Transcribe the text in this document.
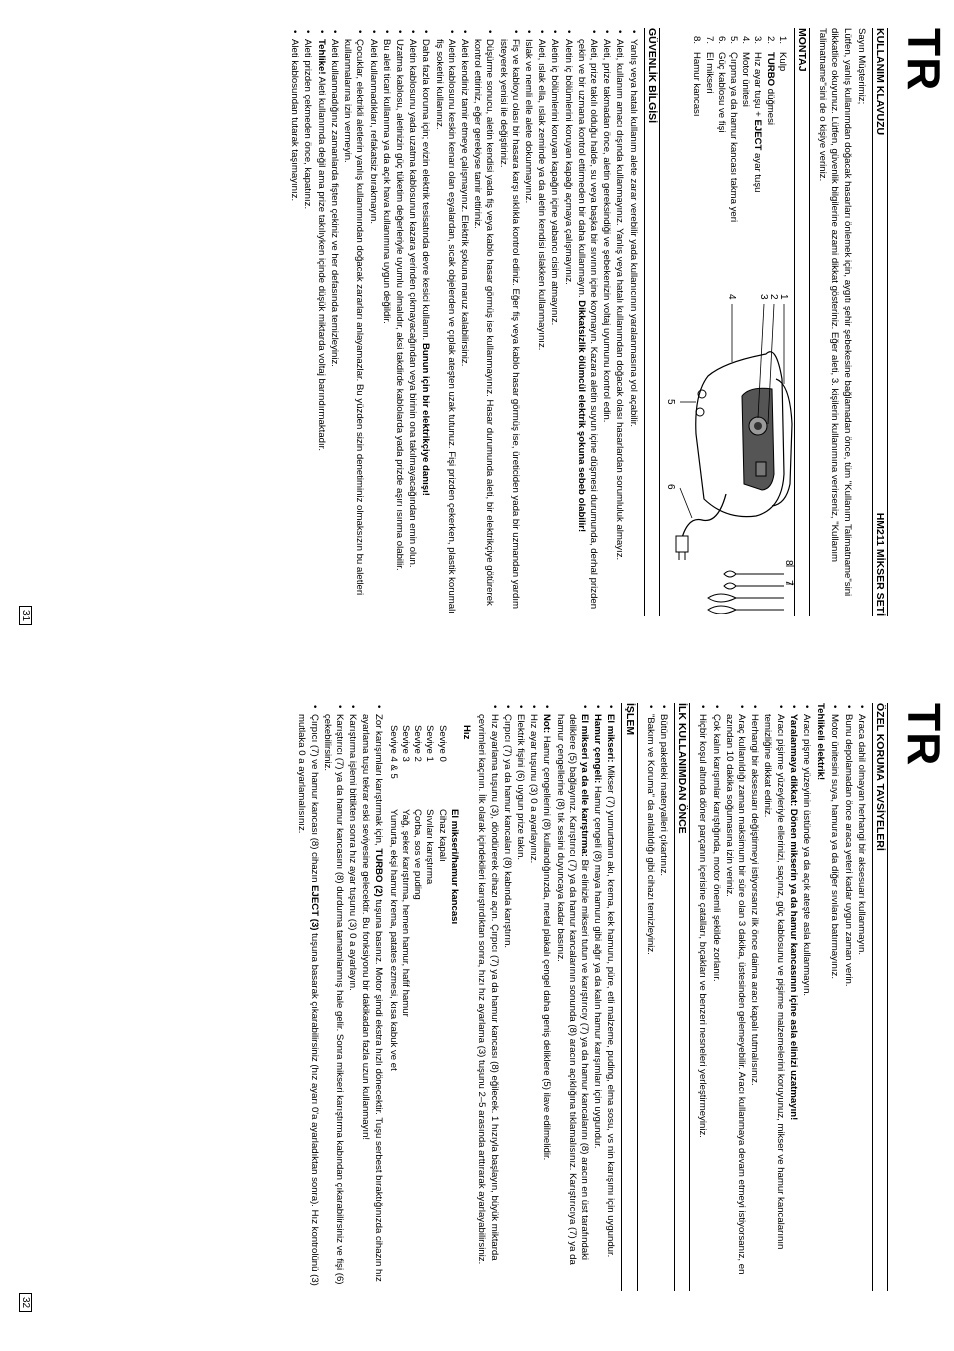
TR
KULLANIM KLAVUZU
HM211 MİKSER SETİ

Sayın Müşterimiz;

Lütfen, yanlış kullanımdan doğacak hasarları önlemek için, aygıtı şehir şebekesine bağlamadan önce, tüm "Kullanım Talimatname"sini dikkatlice okuyunuz. Lütfen, güvenlik bilgilerine azami dikkat gösteriniz. Eğer aleti, 3. kişilerin kullanımına verirseniz, "Kullanım Talimatname"sini de o kişiye veriniz.

MONTAJ
1.Kulp
2.TURBO düğmesi
3.Hız ayar tuşu + EJECT ayar tuşu
4.Motor ünitesi
5.Çırpma ya da hamur kancası takma yeri
6.Güç kablosu ve fişi
7.El mikseri
8.Hamur kancası
1
2
3
4
5
6
7
8
GÜVENLİK BİLGİSİ
• Yanlış veya hatalı kullanım alete zarar verebilir yada kullanıcının yaralanmasına yol açabilir.
• Aleti, kullanım amacı dışında kullanmayınız. Yanlış veya hatalı kullanımdan doğacak olası hasarlardan sorumluluk almayız.
• Aleti, prize takmadan önce, aletin gereksindiği ve şebekenizin voltaj uyumunu kontrol edin.
• Aleti, prize takılı olduğu halde, su veya başka bir sıvının içine koymayın. Kazara aletin suyun içine düşmesi durumunda, derhal prizden çekin ve bir uzmana kontrol ettirmeden bir daha kullanmayın. Dikkatsizlik ölümcül elektrik şokuna sebeb olabilir!
• Aletin iç bölümlerini koruyan kapağı açmaya çalışmayınız.
• Aletin iç bölümlerini koruyan kapağın içine yabancı cisim atmayınız.
• Aleti, ıslak ella, ıslak zeminde ya da aletin kendisi ıslakken kullanmayınız.
• Islak ve nemli elle alete dokunmayınız.
• Fiş ve kabloyu olası bir hasara karşı sıklıkla kontrol ediniz. Eğer fiş veya kablo hasar görmüş ise, üreticiden yada bir uzmandan yardım isteyerek yenisi ile değiştiriniz.
• Düşürme sonucu, aletin kendisi yada fiş veya kablo hasar görmüş ise kullanmayınız. Hasar durumunda aleti, bir elektrikçiye götürerek kontrol ettiriniz, eğer gerekiyse tamir ettiriniz.
• Aleti kendiniz tamir etmeye çalışmayınız. Elektrik şokuna maruz kalabilirsiniz.
• Aletin kablosunu keskin kenarı olan eşyalardan, sıcak objelerden ve çıplak ateşten uzak tutunuz. Fişi prizden çekerken, plastik korumalı fiş soketini kullanınız.
• Daha fazla koruma için; evizin elektrik tesisatında devre kesici kullanın. Bunun için bir elektrikçiye danışı!
• Aletin kablosunu yada uzatma kablosunun kazara yerinden çıkmayacağından veya birinin ona takılmayacağından emin olun.
• Uzatma kablosu, aletinizin güç tüketim değerleriyle uyumlu olmalıdır, aksi takdirde kablolarda yada prizde aşırı ısınma olabilir.
• Bu aleti ticari kullanıma ya da açık hava kullanımına uygun değildir.
• Aleti kullanmadıkları, refakatsiz bırakmayın.
• Çocuklar, elektrikli aletlerin yanlış kullanımından doğacak zararları anlayamazlar. Bu yüzden sizin denetiminiz olmaksızın bu aletleri kullanmalarına izin vermeyin.
• Aleti kullanmadığınız zamanlarda fişten çekiniz ve her defasında temizleyiniz.
• Tehlike! Aleti kullanımda değil ama prize takılıyken içinde düşük miktarda voltaj barındırmaktadır.
• Aleti prizden çekmeden önce, kapatınız.
• Aleti kablosundan tutarak taşımayınız.
31
TR
ÖZEL KORUMA TAVSİYELERİ
• Araca dahil olmayan herhangi bir aksesuarı kullanmayın.
• Bunu depolamadan önce araca yeteri kadar uygun zaman verin.
• Motor ünitesini suya, hamura ya da diğer sıvılara batırmayınız.

Tehlikeli elektrik!

• Aracı pişme yüzeyinin üstünde ya da açık ateşte asla kullanmayın.
• Yaralanmaya dikkat: Dönen mikserin ya da hamur kancasının içine asla elinizi uzatmayın!
• Aracı pişirme yüzeyleriyle ellerinizi, saçınız, güç kablosunu ve pişirme malzemelerini koruyunuz, mikser ve hamur kancalarının temizliğine dikkat ediniz.
• Herhangi bir aksesuarı değiştirmeyi istiyorsanız ilk önce daima aracı kapalı tutmalısınız.
• Araç kullanıldığı zaman maksimum bir süre olan 3 dakika, üstesinden gelemeyebilir. Aracı kullanmaya devam etmeyi istiyorsanız, en azından 10 dakika soğumasına izin veriniz.
• Çok kalın karışımlar karıştığında, motor önemli şekilde zorlanır.
• Hiçbir koşul altında döner parçanın içerisine çatalları, bıçakları ve benzeri nesneleri yerleştirmeyiniz.
İLK KULLANIMDAN ÖNCE
• Bütün paketleki materyalleri çıkartınız.
• "Bakım ve Koruma" da anlatıldığı gibi cihazı temizleyiniz.
İŞLEM
• El mikseri: Mikser (7) yumurtanın akı, krema, kek hamuru, püre, etli malzeme, puding, elma sosu, vs nin karışımı için uygundur.
• Hamur çengeli: Hamur çengeli (8) maya hamuru gibi ağır ya da kalın hamur karışımları için uygundur.
• El mikseri ya da elle karıştırma: Bir elinizle mikseri tutun ve karıştırıcıy (7) ya da hamur kancalarını (8) aracın en üst tarafındaki deliklere (5) bağlayınız. Karıştırıcı (7) ya da hamur kancalarının sonunda (8) aracın açıklığına tıklamalısınız. Karıştırıcıya (7) ya da hamur çengellerine (8) tık sesini duyuncaya kadar basınız.
• Not: Hamur çengellerini (8) kullandığınızda, metal plakalı çengel daha geniş deliklere (5) ilave edilmelidir.
• Hız ayar tuşunu (3) 0 a ayarlayınız.
• Elektrik fişini (6) uygun prize takın.
• Çırpıcı (7) ya da hamur kancaları (8) kabında karıştırın.
• Hız ayarlama tuşunu (3), döndürerek cihazı açın. Çırpıcı (7) ya da hamur kancası (8) eğilecek. 1 hızıyla başlayın, büyük miktarda çevrimleri kaçının. İlk olarak içindekileri karıştırdıktan sonra, hızı hız ayarlama (3) tuşunu 2–5 arasında arttırarak ayarlayabilirsiniz.
Hız
El mikseri/hamur kancası
Seviye 0
Cihaz kapalı
Seviye 1
Sıvıları karıştırma
Seviye 2
Çorba, sos ve puding
Seviye 3
Yağ, şeker karıştırma, hemen hamur, hafif hamur
Seviye 4 & 5
Yumurta, ekşi hamur krema, patates ezmesi, kısa kabuk ve et
• Zor karışımları karıştırmak için, TURBO (2) tuşuna basınız. Motor şimdi ekstra hızlı dönecektir. Tuşu serbest bıraktığınızda cihazın hız ayarlama tuşu tekrar eski seviyesine gelecektir. Bu fonksiyonu bir dakikadan fazla uzun kullanmayın!
• Karıştırma işlemi bittikten sonra hız ayar tuşunu (3) 0 a ayarlayın.
• Karıştırıcı (7) ya da hamur kancasını (8) durdurma tamamlanmış hale gelir. Sonra mikseri karıştırma kabından çıkarabilirsiniz ve fişi (6) çekebilirsiniz.
• Çırpıcı (7) ve hamur kancası (8) cihazın EJECT (3) tuşuna basarak çıkarabilirsiniz (hız ayarı 0'a ayarladıktan sonra). Hız kontrolünü (3) mutlaka 0 a ayarlamalısınız.
32
